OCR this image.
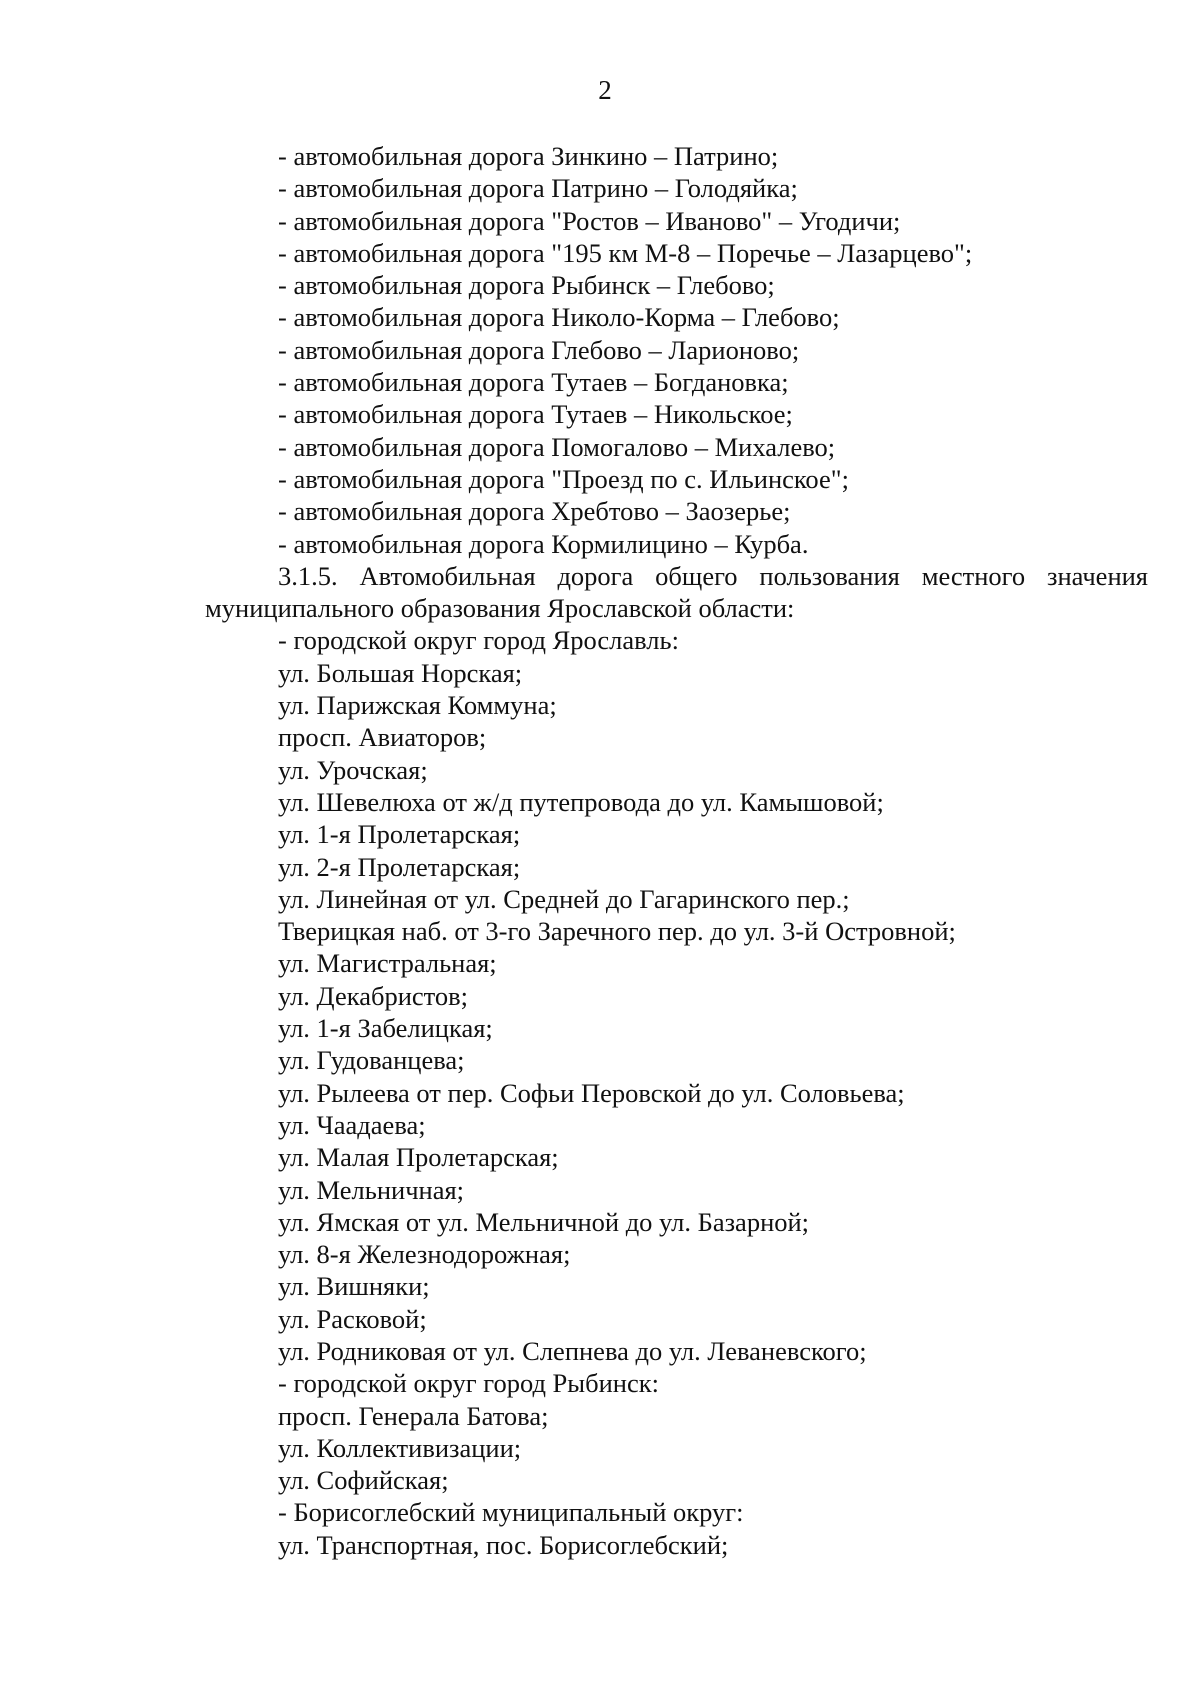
2
- автомобильная дорога Зинкино – Патрино;
- автомобильная дорога Патрино – Голодяйка;
- автомобильная дорога "Ростов – Иваново" – Угодичи;
- автомобильная дорога "195 км М-8 – Поречье – Лазарцево";
- автомобильная дорога Рыбинск – Глебово;
- автомобильная дорога Николо-Корма – Глебово;
- автомобильная дорога Глебово – Ларионово;
- автомобильная дорога Тутаев – Богдановка;
- автомобильная дорога Тутаев – Никольское;
- автомобильная дорога Помогалово – Михалево;
- автомобильная дорога "Проезд по с. Ильинское";
- автомобильная дорога Хребтово – Заозерье;
- автомобильная дорога Кормилицино – Курба.
3.1.5. Автомобильная дорога общего пользования местного значения
муниципального образования Ярославской области:
- городской округ город Ярославль:
ул. Большая Норская;
ул. Парижская Коммуна;
просп. Авиаторов;
ул. Урочская;
ул. Шевелюха от ж/д путепровода до ул. Камышовой;
ул. 1-я Пролетарская;
ул. 2-я Пролетарская;
ул. Линейная от ул. Средней до Гагаринского пер.;
Тверицкая наб. от 3-го Заречного пер. до ул. 3-й Островной;
ул. Магистральная;
ул. Декабристов;
ул. 1-я Забелицкая;
ул. Гудованцева;
ул. Рылеева от пер. Софьи Перовской до ул. Соловьева;
ул. Чаадаева;
ул. Малая Пролетарская;
ул. Мельничная;
ул. Ямская от ул. Мельничной до ул. Базарной;
ул. 8-я Железнодорожная;
ул. Вишняки;
ул. Расковой;
ул. Родниковая от ул. Слепнева до ул. Леваневского;
- городской округ город Рыбинск:
просп. Генерала Батова;
ул. Коллективизации;
ул. Софийская;
- Борисоглебский муниципальный округ:
ул. Транспортная, пос. Борисоглебский;
